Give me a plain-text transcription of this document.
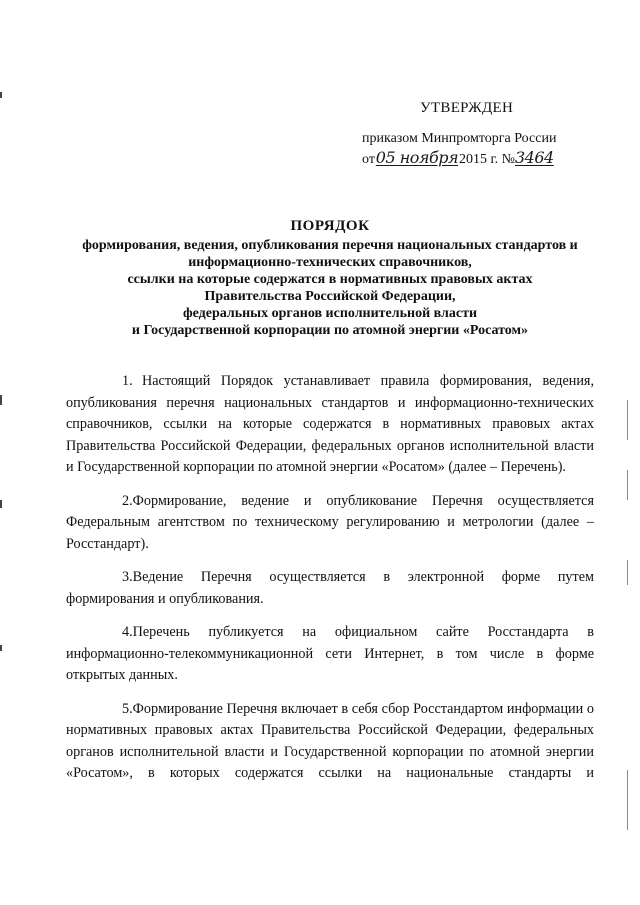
УТВЕРЖДЕН
приказом Минпромторга России
от05 ноября2015 г. №3464
ПОРЯДОК

формирования, ведения, опубликования перечня национальных стандартов и

информационно-технических справочников,

ссылки на которые содержатся в нормативных правовых актах

Правительства Российской Федерации,

федеральных органов исполнительной власти

и Государственной корпорации по атомной энергии «Росатом»

1. Настоящий Порядок устанавливает правила формирования, ведения, опубликования перечня национальных стандартов и информационно-технических справочников, ссылки на которые содержатся в нормативных правовых актах Правительства Российской Федерации, федеральных органов исполнительной власти и Государственной корпорации по атомной энергии «Росатом» (далее – Перечень).

2.Формирование, ведение и опубликование Перечня осуществляется Федеральным агентством по техническому регулированию и метрологии (далее – Росстандарт).

3.Ведение Перечня осуществляется в электронной форме путем
формирования и опубликования.

4.Перечень публикуется на официальном сайте Росстандарта в информационно-телекоммуникационной сети Интернет, в том числе в форме открытых данных.

5.Формирование Перечня включает в себя сбор Росстандартом информации о нормативных правовых актах Правительства Российской Федерации, федеральных органов исполнительной власти и Государственной корпорации по атомной энергии «Росатом», в которых содержатся ссылки на национальные стандарты и
